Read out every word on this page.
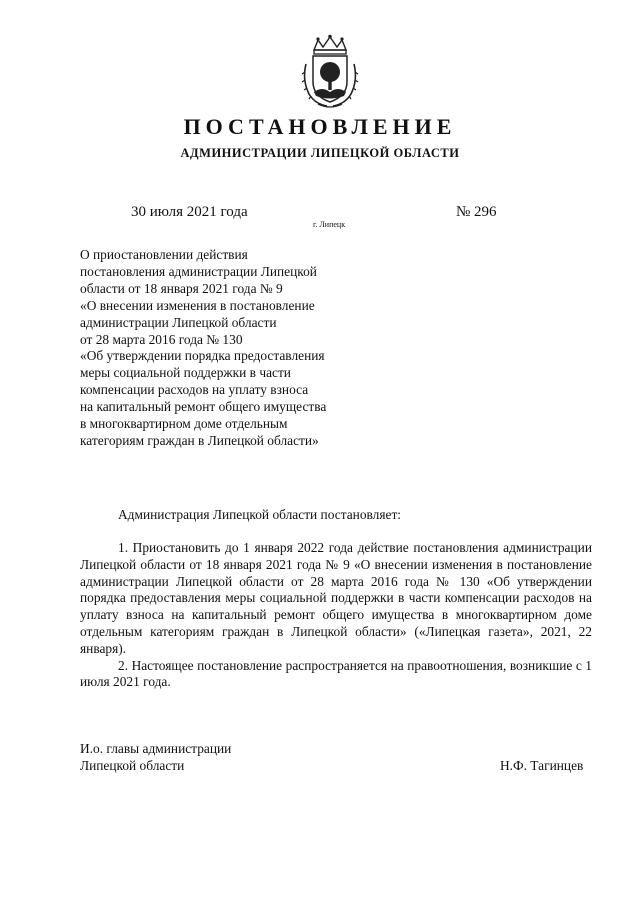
ПОСТАНОВЛЕНИЕ
АДМИНИСТРАЦИИ ЛИПЕЦКОЙ ОБЛАСТИ
30 июля 2021 года
г. Липецк
№ 296
О приостановлении действия
постановления администрации Липецкой
области от 18 января 2021 года № 9
«О внесении изменения в постановление
администрации Липецкой области
от 28 марта 2016 года № 130
«Об утверждении порядка предоставления
меры социальной поддержки в части
компенсации расходов на уплату взноса
на капитальный ремонт общего имущества
в многоквартирном доме отдельным
категориям граждан в Липецкой области»
Администрация Липецкой области постановляет:

1. Приостановить до 1 января 2022 года действие постановления администрации Липецкой области от 18 января 2021 года № 9 «О внесении изменения в постановление администрации Липецкой области от 28 марта 2016 года № 130 «Об утверждении порядка предоставления меры социальной поддержки в части компенсации расходов на уплату взноса на капитальный ремонт общего имущества в многоквартирном доме отдельным категориям граждан в Липецкой области» («Липецкая газета», 2021, 22 января).

2. Настоящее постановление распространяется на правоотношения, возникшие с 1 июля 2021 года.

И.о. главы администрации
Липецкой области	Н.Ф. Тагинцев
